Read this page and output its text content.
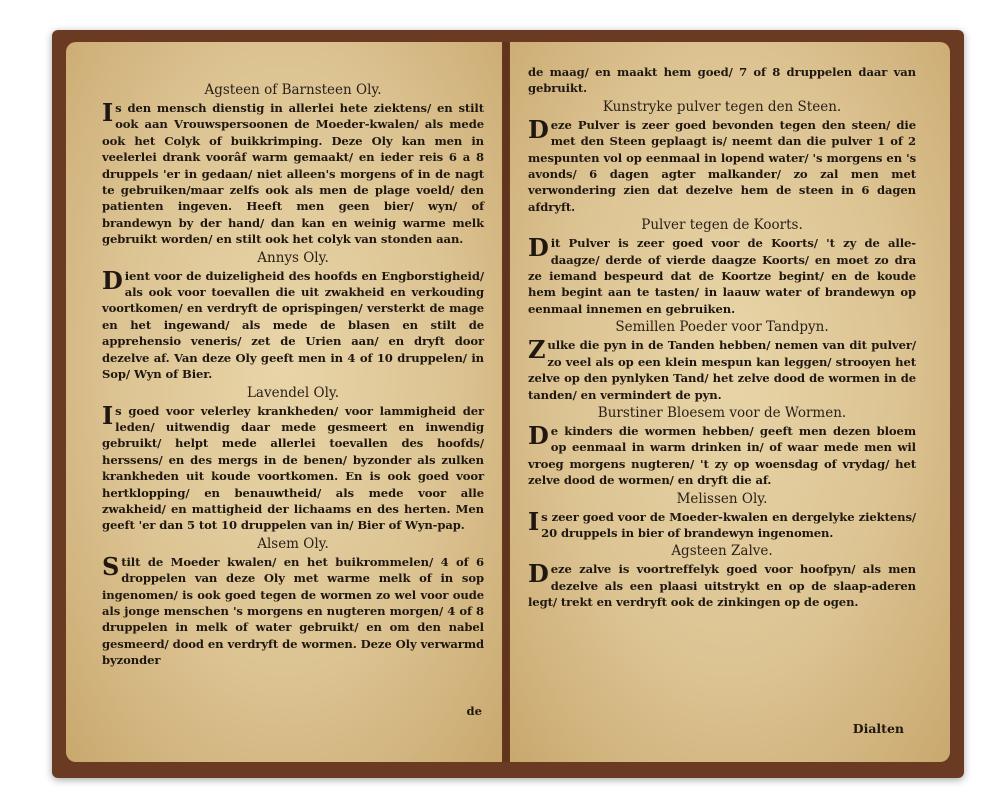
Agsteen of Barnsteen Oly.

Is den mensch dienstig in allerlei hete ziektens/ en stilt ook aan Vrouwspersoonen de Moeder-kwalen/ als mede ook het Colyk of buikkrimping. Deze Oly kan men in veelerlei drank voorâf warm gemaakt/ en ieder reis 6 a 8 druppels 'er in gedaan/ niet alleen's morgens of in de nagt te gebruiken/maar zelfs ook als men de plage voeld/ den patienten ingeven. Heeft men geen bier/ wyn/ of brandewyn by der hand/ dan kan en weinig warme melk gebruikt worden/ en stilt ook het colyk van stonden aan.

Annys Oly.

Dient voor de duizeligheid des hoofds en Engborstigheid/ als ook voor toevallen die uit zwakheid en verkouding voortkomen/ en verdryft de oprispingen/ versterkt de mage en het ingewand/ als mede de blasen en stilt de apprehensio veneris/ zet de Urien aan/ en dryft door dezelve af. Van deze Oly geeft men in 4 of 10 druppelen/ in Sop/ Wyn of Bier.

Lavendel Oly.

Is goed voor velerley krankheden/ voor lammigheid der leden/ uitwendig daar mede gesmeert en inwendig gebruikt/ helpt mede allerlei toevallen des hoofds/ herssens/ en des mergs in de benen/ byzonder als zulken krankheden uit koude voortkomen. En is ook goed voor hertklopping/ en benauwtheid/ als mede voor alle zwakheid/ en mattigheid der lichaams en des herten. Men geeft 'er dan 5 tot 10 druppelen van in/ Bier of Wyn-pap.

Alsem Oly.

Stilt de Moeder kwalen/ en het buikrommelen/ 4 of 6 droppelen van deze Oly met warme melk of in sop ingenomen/ is ook goed tegen de wormen zo wel voor oude als jonge menschen 's morgens en nugteren morgen/ 4 of 8 druppelen in melk of water gebruikt/ en om den nabel gesmeerd/ dood en verdryft de wormen. Deze Oly verwarmd byzonder

de

de maag/ en maakt hem goed/ 7 of 8 druppelen daar van gebruikt.

Kunstryke pulver tegen den Steen.

Deze Pulver is zeer goed bevonden tegen den steen/ die met den Steen geplaagt is/ neemt dan die pulver 1 of 2 mespunten vol op eenmaal in lopend water/ 's morgens en 's avonds/ 6 dagen agter malkander/ zo zal men met verwondering zien dat dezelve hem de steen in 6 dagen afdryft.

Pulver tegen de Koorts.

Dit Pulver is zeer goed voor de Koorts/ 't zy de alle-daagze/ derde of vierde daagze Koorts/ en moet zo dra ze iemand bespeurd dat de Koortze begint/ en de koude hem begint aan te tasten/ in laauw water of brandewyn op eenmaal innemen en gebruiken.

Semillen Poeder voor Tandpyn.

Zulke die pyn in de Tanden hebben/ nemen van dit pulver/ zo veel als op een klein mespun kan leggen/ strooyen het zelve op den pynlyken Tand/ het zelve dood de wormen in de tanden/ en vermindert de pyn.

Burstiner Bloesem voor de Wormen.

De kinders die wormen hebben/ geeft men dezen bloem op eenmaal in warm drinken in/ of waar mede men wil vroeg morgens nugteren/ 't zy op woensdag of vrydag/ het zelve dood de wormen/ en dryft die af.

Melissen Oly.

Is zeer goed voor de Moeder-kwalen en dergelyke ziektens/ 20 druppels in bier of brandewyn ingenomen.

Agsteen Zalve.

Deze zalve is voortreffelyk goed voor hoofpyn/ als men dezelve als een plaasi uitstrykt en op de slaap-aderen legt/ trekt en verdryft ook de zinkingen op de ogen.

Dialten
